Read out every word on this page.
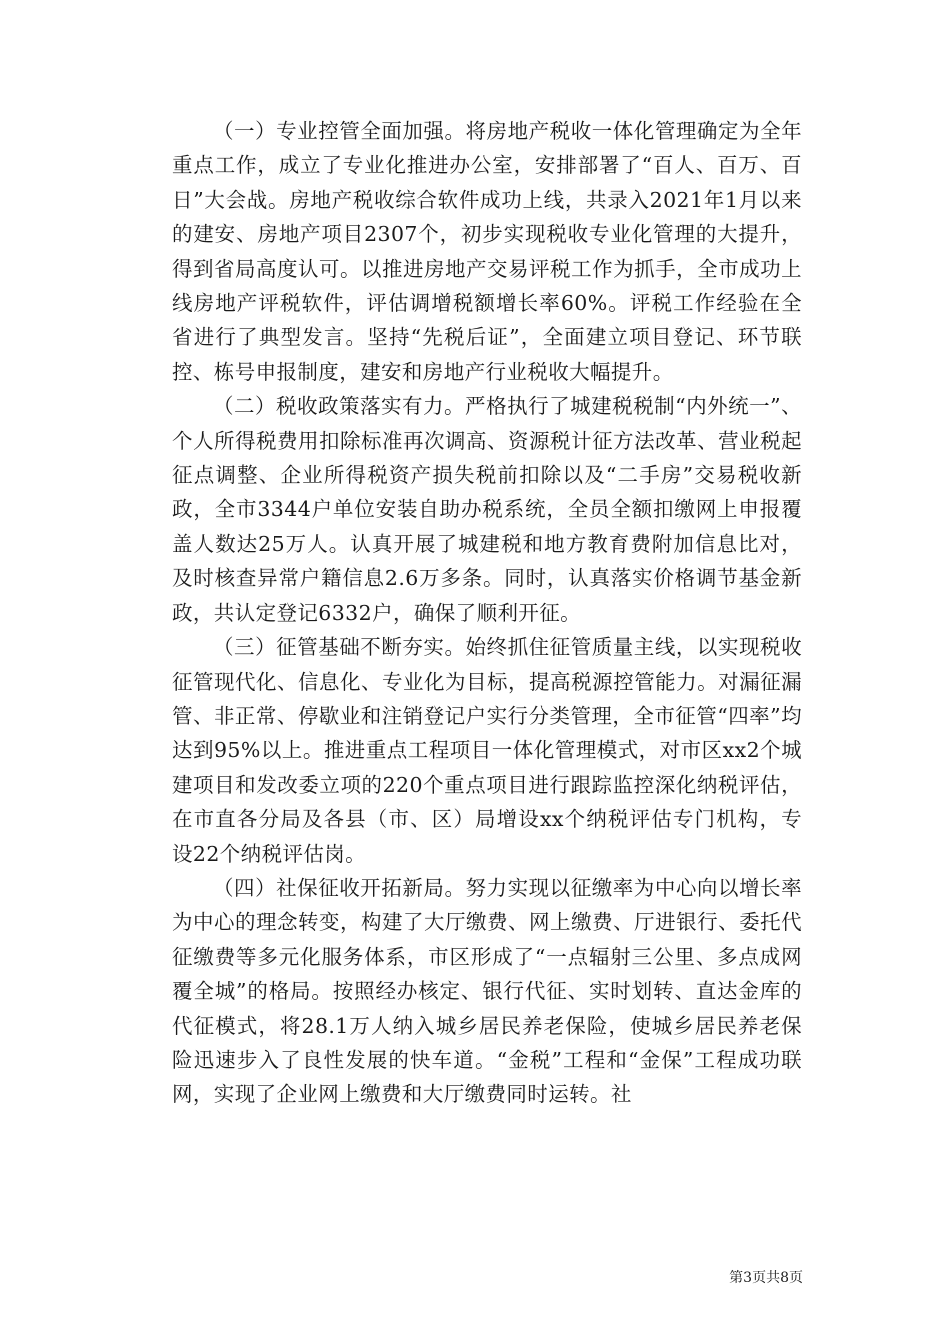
（一）专业控管全面加强。将房地产税收一体化管理确定为全年重点工作，成立了专业化推进办公室，安排部署了“百人、百万、百日”大会战。房地产税收综合软件成功上线，共录入2021年1月以来的建安、房地产项目2307个，初步实现税收专业化管理的大提升，得到省局高度认可。以推进房地产交易评税工作为抓手，全市成功上线房地产评税软件，评估调增税额增长率60%。评税工作经验在全省进行了典型发言。坚持“先税后证”，全面建立项目登记、环节联控、栋号申报制度，建安和房地产行业税收大幅提升。

（二）税收政策落实有力。严格执行了城建税税制“内外统一”、个人所得税费用扣除标准再次调高、资源税计征方法改革、营业税起征点调整、企业所得税资产损失税前扣除以及“二手房”交易税收新政，全市3344户单位安装自助办税系统，全员全额扣缴网上申报覆盖人数达25万人。认真开展了城建税和地方教育费附加信息比对，及时核查异常户籍信息2.6万多条。同时，认真落实价格调节基金新政，共认定登记6332户，确保了顺利开征。

（三）征管基础不断夯实。始终抓住征管质量主线，以实现税收征管现代化、信息化、专业化为目标，提高税源控管能力。对漏征漏管、非正常、停歇业和注销登记户实行分类管理，全市征管“四率”均达到95%以上。推进重点工程项目一体化管理模式，对市区xx2个城建项目和发改委立项的220个重点项目进行跟踪监控深化纳税评估，在市直各分局及各县（市、区）局增设xx个纳税评估专门机构，专设22个纳税评估岗。

（四）社保征收开拓新局。努力实现以征缴率为中心向以增长率为中心的理念转变，构建了大厅缴费、网上缴费、厅进银行、委托代征缴费等多元化服务体系，市区形成了“一点辐射三公里、多点成网覆全城”的格局。按照经办核定、银行代征、实时划转、直达金库的代征模式，将28.1万人纳入城乡居民养老保险，使城乡居民养老保险迅速步入了良性发展的快车道。“金税”工程和“金保”工程成功联网，实现了企业网上缴费和大厅缴费同时运转。社

第3页共8页
